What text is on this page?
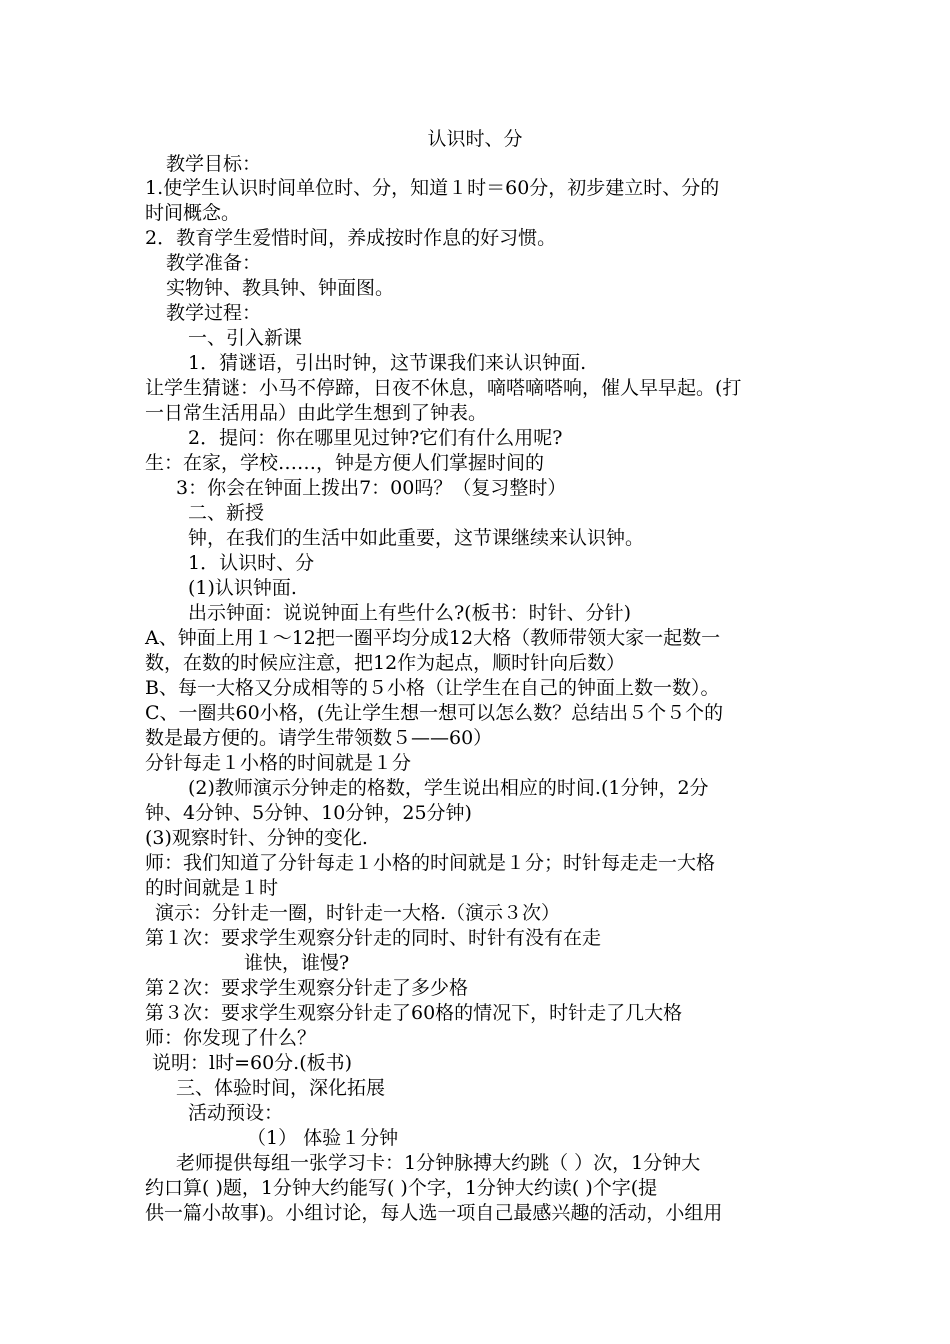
认识时、分
教学目标：
1.使学生认识时间单位时、分，知道１时＝60分，初步建立时、分的
时间概念。
2．教育学生爱惜时间，养成按时作息的好习惯。
教学准备：
实物钟、教具钟、钟面图。
教学过程：
一、引入新课
1．猜谜语，引出时钟，这节课我们来认识钟面.
让学生猜谜：小马不停蹄，日夜不休息，嘀嗒嘀嗒响，催人早早起。(打
一日常生活用品）由此学生想到了钟表。
2．提问：你在哪里见过钟?它们有什么用呢?
生：在家，学校……，钟是方便人们掌握时间的
3：你会在钟面上拨出7：00吗？（复习整时）
二、新授
钟，在我们的生活中如此重要，这节课继续来认识钟。
1．认识时、分
(1)认识钟面.
出示钟面：说说钟面上有些什么?(板书：时针、分针)
A、钟面上用１～12把一圈平均分成12大格（教师带领大家一起数一
数，在数的时候应注意，把12作为起点，顺时针向后数）
B、每一大格又分成相等的５小格（让学生在自己的钟面上数一数）。
C、一圈共60小格，(先让学生想一想可以怎么数？总结出５个５个的
数是最方便的。请学生带领数５——60）
分针每走１小格的时间就是１分
(2)教师演示分钟走的格数，学生说出相应的时间.(1分钟，2分
钟、4分钟、5分钟、10分钟，25分钟)
(3)观察时针、分钟的变化.
师：我们知道了分针每走１小格的时间就是１分；时针每走走一大格
的时间就是１时
演示：分针走一圈，时针走一大格.（演示３次）
第１次：要求学生观察分针走的同时、时针有没有在走
谁快，谁慢?
第２次：要求学生观察分针走了多少格
第３次：要求学生观察分针走了60格的情况下，时针走了几大格
师：你发现了什么？
说明：l时=60分.(板书)
三、体验时间，深化拓展
活动预设：
（1） 体验１分钟
老师提供每组一张学习卡：1分钟脉搏大约跳（ ）次，1分钟大
约口算( )题，1分钟大约能写( )个字，1分钟大约读( )个字(提
供一篇小故事)。小组讨论，每人选一项自己最感兴趣的活动，小组用
